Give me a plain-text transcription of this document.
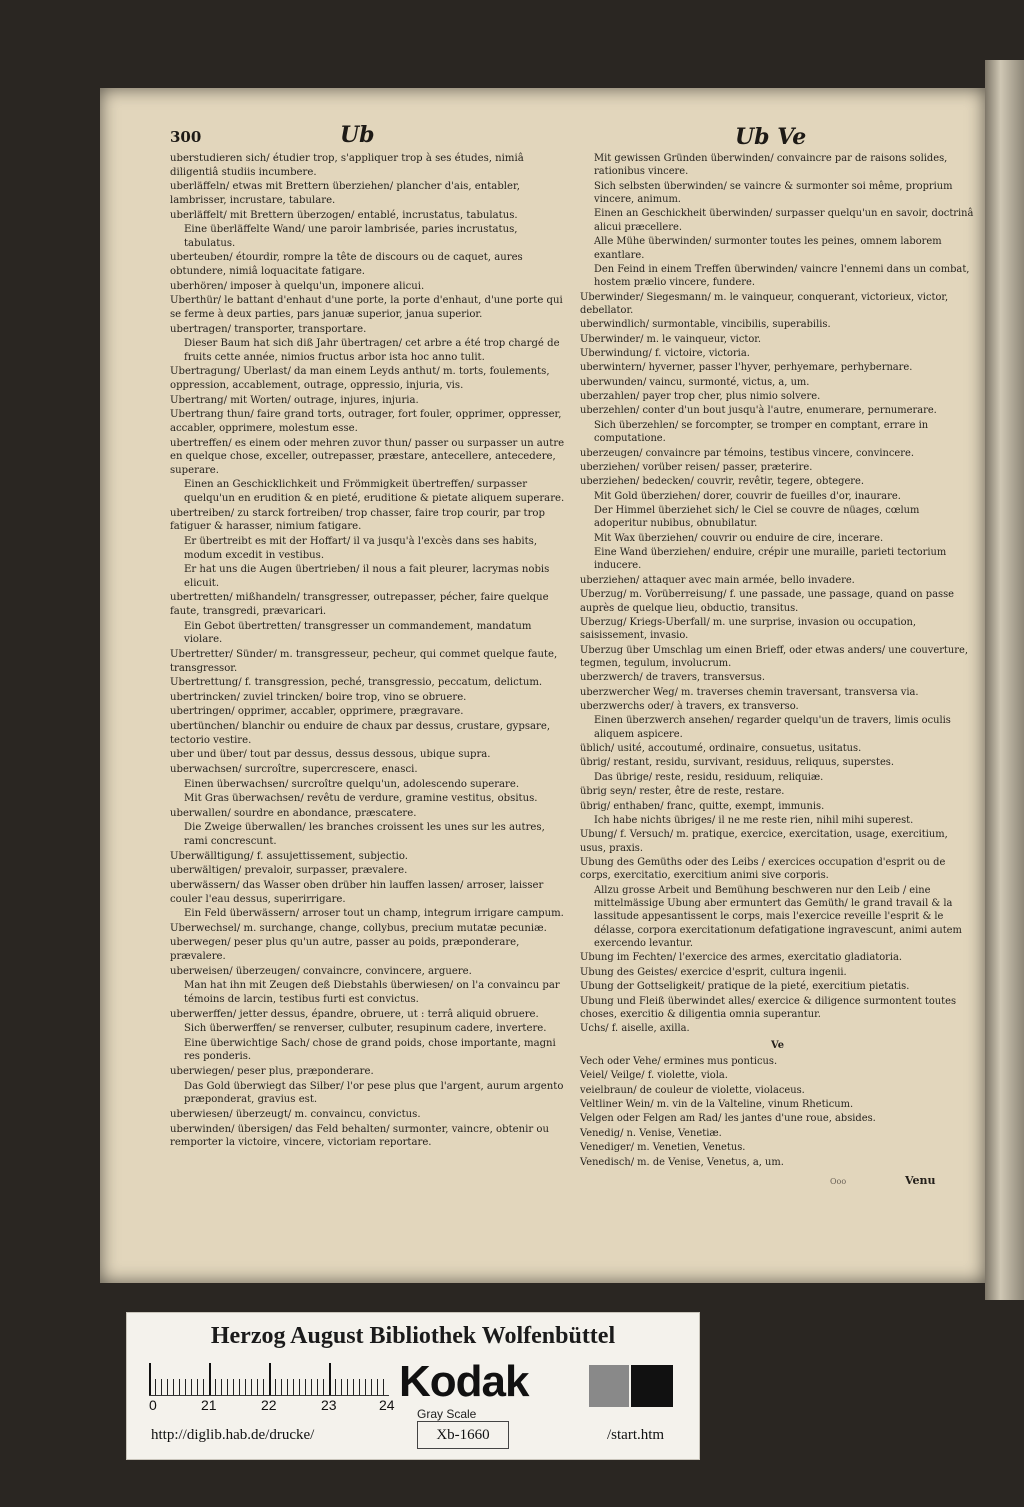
300	Ub	Ub Ve
uberstudieren sich/ étudier trop, s'appliquer trop à ses études, nimiâ diligentiâ studiis incumbere.
uberläffeln/ etwas mit Brettern überziehen/ plancher d'ais, entabler, lambrisser, incrustare, tabulare.
uberläffelt/ mit Brettern überzogen/ entablé, incrustatus, tabulatus.
Eine überläffelte Wand/ une paroir lambrisée, paries incrustatus, tabulatus.
uberteuben/ étourdir, rompre la tête de discours ou de caquet, aures obtundere, nimiâ loquacitate fatigare.
uberhören/ imposer à quelqu'un, imponere alicui.
Uberthür/ le battant d'enhaut d'une porte, la porte d'enhaut, d'une porte qui se ferme à deux parties, pars januæ superior, janua superior.
ubertragen/ transporter, transportare.
Dieser Baum hat sich diß Jahr übertragen/ cet arbre a été trop chargé de fruits cette année, nimios fructus arbor ista hoc anno tulit.
Ubertragung/ Uberlast/ da man einem Leyds anthut/ m. torts, foulements, oppression, accablement, outrage, oppressio, injuria, vis.
Ubertrang/ mit Worten/ outrage, injures, injuria.
Ubertrang thun/ faire grand torts, outrager, fort fouler, opprimer, oppresser, accabler, opprimere, molestum esse.
ubertreffen/ es einem oder mehren zuvor thun/ passer ou surpasser un autre en quelque chose, exceller, outrepasser, præstare, antecellere, antecedere, superare.
Einen an Geschicklichkeit und Frömmigkeit übertreffen/ surpasser quelqu'un en erudition & en pieté, eruditione & pietate aliquem superare.
ubertreiben/ zu starck fortreiben/ trop chasser, faire trop courir, par trop fatiguer & harasser, nimium fatigare.
Er übertreibt es mit der Hoffart/ il va jusqu'à l'excès dans ses habits, modum excedit in vestibus.
Er hat uns die Augen übertrieben/ il nous a fait pleurer, lacrymas nobis elicuit.
ubertretten/ mißhandeln/ transgresser, outrepasser, pécher, faire quelque faute, transgredi, prævaricari.
Ein Gebot übertretten/ transgresser un commandement, mandatum violare.
Ubertretter/ Sünder/ m. transgresseur, pecheur, qui commet quelque faute, transgressor.
Ubertrettung/ f. transgression, peché, transgressio, peccatum, delictum.
ubertrincken/ zuviel trincken/ boire trop, vino se obruere.
ubertringen/ opprimer, accabler, opprimere, prægravare.
ubertünchen/ blanchir ou enduire de chaux par dessus, crustare, gypsare, tectorio vestire.
uber und über/ tout par dessus, dessus dessous, ubique supra.
uberwachsen/ surcroître, supercrescere, enasci.
Einen überwachsen/ surcroître quelqu'un, adolescendo superare.
Mit Gras überwachsen/ revêtu de verdure, gramine vestitus, obsitus.
uberwallen/ sourdre en abondance, præscatere.
Die Zweige überwallen/ les branches croissent les unes sur les autres, rami concrescunt.
Uberwälltigung/ f. assujettissement, subjectio.
uberwältigen/ prevaloir, surpasser, prævalere.
uberwässern/ das Wasser oben drüber hin lauffen lassen/ arroser, laisser couler l'eau dessus, superirrigare.
Ein Feld überwässern/ arroser tout un champ, integrum irrigare campum.
Uberwechsel/ m. surchange, change, collybus, precium mutatæ pecuniæ.
uberwegen/ peser plus qu'un autre, passer au poids, præponderare, prævalere.
uberweisen/ überzeugen/ convaincre, convincere, arguere.
Man hat ihn mit Zeugen deß Diebstahls überwiesen/ on l'a convaincu par témoins de larcin, testibus furti est convictus.
uberwerffen/ jetter dessus, épandre, obruere, ut : terrâ aliquid obruere.
Sich überwerffen/ se renverser, culbuter, resupinum cadere, invertere.
Eine überwichtige Sach/ chose de grand poids, chose importante, magni res ponderis.
uberwiegen/ peser plus, præponderare.
Das Gold überwiegt das Silber/ l'or pese plus que l'argent, aurum argento præponderat, gravius est.
uberwiesen/ überzeugt/ m. convaincu, convictus.
uberwinden/ übersigen/ das Feld behalten/ surmonter, vaincre, obtenir ou remporter la victoire, vincere, victoriam reportare.
Mit gewissen Gründen überwinden/ convaincre par de raisons solides, rationibus vincere.
Sich selbsten überwinden/ se vaincre & surmonter soi même, proprium vincere, animum.
Einen an Geschickheit überwinden/ surpasser quelqu'un en savoir, doctrinâ alicui præcellere.
Alle Mühe überwinden/ surmonter toutes les peines, omnem laborem exantlare.
Den Feind in einem Treffen überwinden/ vaincre l'ennemi dans un combat, hostem prælio vincere, fundere.
Uberwinder/ Siegesmann/ m. le vainqueur, conquerant, victorieux, victor, debellator.
uberwindlich/ surmontable, vincibilis, superabilis.
Uberwinder/ m. le vainqueur, victor.
Uberwindung/ f. victoire, victoria.
uberwintern/ hyverner, passer l'hyver, perhyemare, perhybernare.
uberwunden/ vaincu, surmonté, victus, a, um.
uberzahlen/ payer trop cher, plus nimio solvere.
uberzehlen/ conter d'un bout jusqu'à l'autre, enumerare, pernumerare.
Sich überzehlen/ se forcompter, se tromper en comptant, errare in computatione.
uberzeugen/ convaincre par témoins, testibus vincere, convincere.
uberziehen/ vorüber reisen/ passer, præterire.
uberziehen/ bedecken/ couvrir, revêtir, tegere, obtegere.
Mit Gold überziehen/ dorer, couvrir de fueilles d'or, inaurare.
Der Himmel überziehet sich/ le Ciel se couvre de nüages, cœlum adoperitur nubibus, obnubilatur.
Mit Wax überziehen/ couvrir ou enduire de cire, incerare.
Eine Wand überziehen/ enduire, crépir une muraille, parieti tectorium inducere.
uberziehen/ attaquer avec main armée, bello invadere.
Uberzug/ m. Vorüberreisung/ f. une passade, une passage, quand on passe auprès de quelque lieu, obductio, transitus.
Uberzug/ Kriegs-Uberfall/ m. une surprise, invasion ou occupation, saisissement, invasio.
Uberzug über Umschlag um einen Brieff, oder etwas anders/ une couverture, tegmen, tegulum, involucrum.
uberzwerch/ de travers, transversus.
uberzwercher Weg/ m. traverses chemin traversant, transversa via.
uberzwerchs oder/ à travers, ex transverso.
Einen überzwerch ansehen/ regarder quelqu'un de travers, limis oculis aliquem aspicere.
üblich/ usité, accoutumé, ordinaire, consuetus, usitatus.
übrig/ restant, residu, survivant, residuus, reliquus, superstes.
Das übrige/ reste, residu, residuum, reliquiæ.
übrig seyn/ rester, être de reste, restare.
übrig/ enthaben/ franc, quitte, exempt, immunis.
Ich habe nichts übriges/ il ne me reste rien, nihil mihi superest.
Ubung/ f. Versuch/ m. pratique, exercice, exercitation, usage, exercitium, usus, praxis.
Ubung des Gemüths oder des Leibs / exercices occupation d'esprit ou de corps, exercitatio, exercitium animi sive corporis.
Allzu grosse Arbeit und Bemühung beschweren nur den Leib / eine mittelmässige Ubung aber ermuntert das Gemüth/ le grand travail & la lassitude appesantissent le corps, mais l'exercice reveille l'esprit & le délasse, corpora exercitationum defatigatione ingravescunt, animi autem exercendo levantur.
Ubung im Fechten/ l'exercice des armes, exercitatio gladiatoria.
Ubung des Geistes/ exercice d'esprit, cultura ingenii.
Ubung der Gottseligkeit/ pratique de la pieté, exercitium pietatis.
Ubung und Fleiß überwindet alles/ exercice & diligence surmontent toutes choses, exercitio & diligentia omnia superantur.
Uchs/ f. aiselle, axilla.
Ve
Vech oder Vehe/ ermines mus ponticus.
Veiel/ Veilge/ f. violette, viola.
veielbraun/ de couleur de violette, violaceus.
Veltliner Wein/ m. vin de la Valteline, vinum Rheticum.
Velgen oder Felgen am Rad/ les jantes d'une roue, absides.
Venedig/ n. Venise, Venetiæ.
Venediger/ m. Venetien, Venetus.
Venedisch/ m. de Venise, Venetus, a, um.
Ooo	Venu
Herzog August Bibliothek Wolfenbüttel
0	21	22	23	24 Kodak
Gray Scale
http://diglib.hab.de/drucke/	Xb-1660	/start.htm
